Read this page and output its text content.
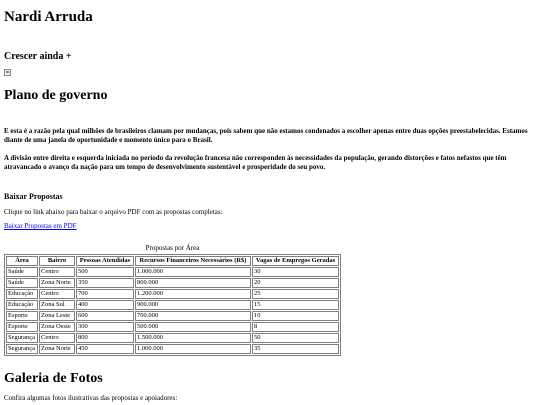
Nardi Arruda
Crescer ainda +
Plano de governo

E esta é a razão pela qual milhões de brasileiros clamam por mudanças, pois sabem que não estamos condenados a escolher apenas entre duas opções preestabelecidas. Estamos diante de uma janela de oportunidade e momento único para o Brasil.

A divisão entre direita e esquerda iniciada no período da revolução francesa não corresponden às necessidades da população, gerando distorções e fatos nefastos que têm atravancado o avanço da nação para um tempo de desenvolvimento sustentável e prosperidade do seu povo.

Baixar Propostas

Clique no link abaixo para baixar o arquivo PDF com as propostas completas:

Baixar Propostas em PDF
Propostas por Área
Área	Bairro	Pessoas Atendidas	Recursos Financeiros Necessários (R$)	Vagas de Empregos Geradas
Saúde	Centro	500	1.000.000	30
Saúde	Zona Norte	350	800.000	20
Educação	Centro	700	1.200.000	25
Educação	Zona Sul	400	900.000	15
Esporte	Zona Leste	600	700.000	10
Esporte	Zona Oeste	300	500.000	8
Segurança	Centro	800	1.500.000	50
Segurança	Zona Norte	450	1.000.000	35
Galeria de Fotos

Confira algumas fotos ilustrativas das propostas e apoiadores:
